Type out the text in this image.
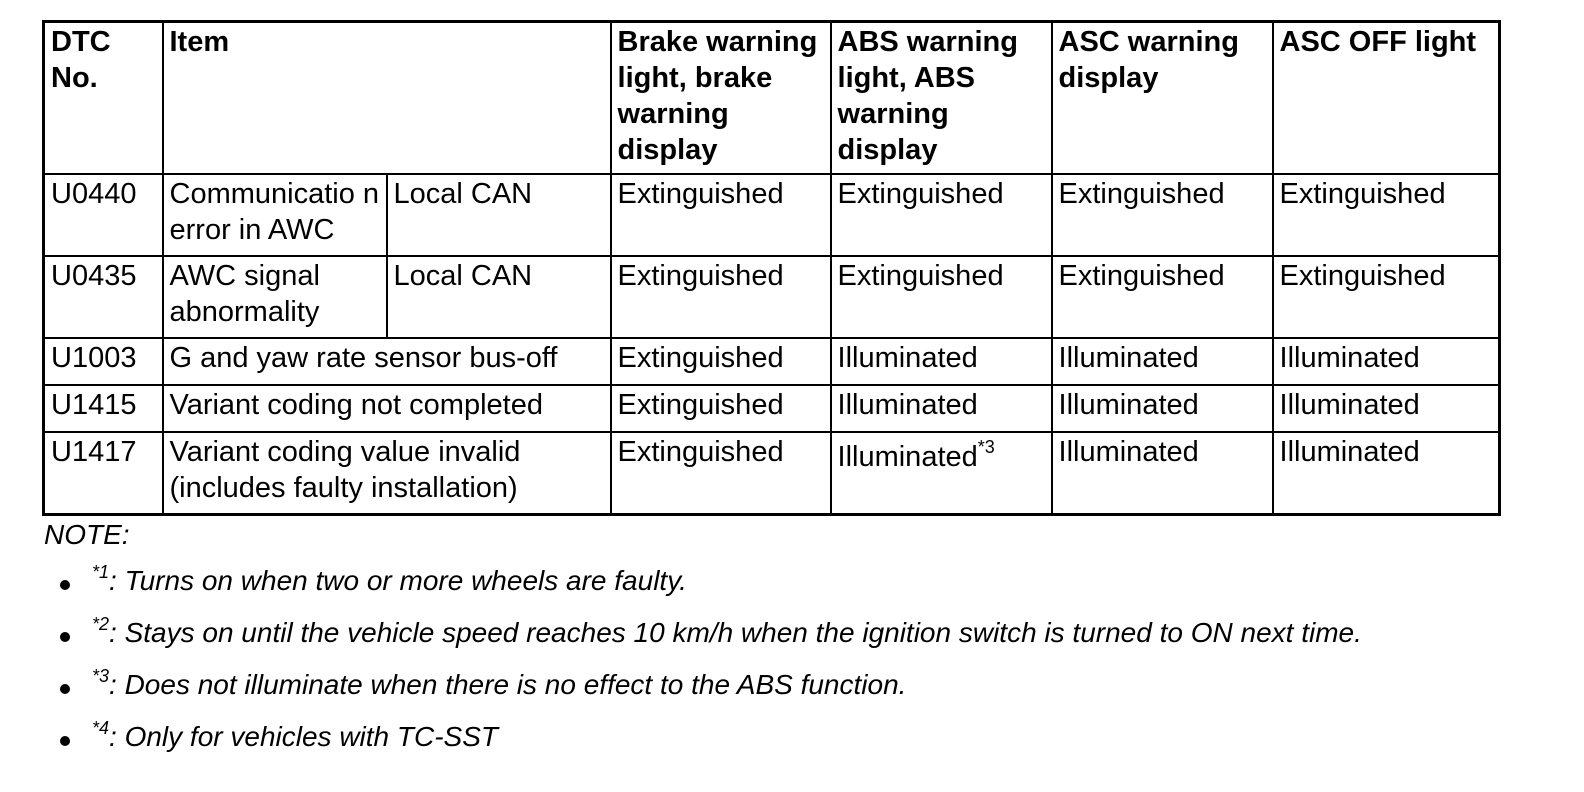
DTC No.	Item		Brake warning light, brake warning display	ABS warning light, ABS warning display	ASC warning display	ASC OFF light
U0440	Communicatio n error in AWC	Local CAN	Extinguished	Extinguished	Extinguished	Extinguished
U0435	AWC signal abnormality	Local CAN	Extinguished	Extinguished	Extinguished	Extinguished
U1003	G and yaw rate sensor bus-off		Extinguished	Illuminated	Illuminated	Illuminated
U1415	Variant coding not completed		Extinguished	Illuminated	Illuminated	Illuminated
U1417	Variant coding value invalid (includes faulty installation)		Extinguished	Illuminated$^{*3}$	Illuminated	Illuminated
NOTE:
$^{*1}$: Turns on when two or more wheels are faulty.
$^{*2}$: Stays on until the vehicle speed reaches 10 km/h when the ignition switch is turned to ON next time.
$^{*3}$: Does not illuminate when there is no effect to the ABS function.
$^{*4}$: Only for vehicles with TC-SST
